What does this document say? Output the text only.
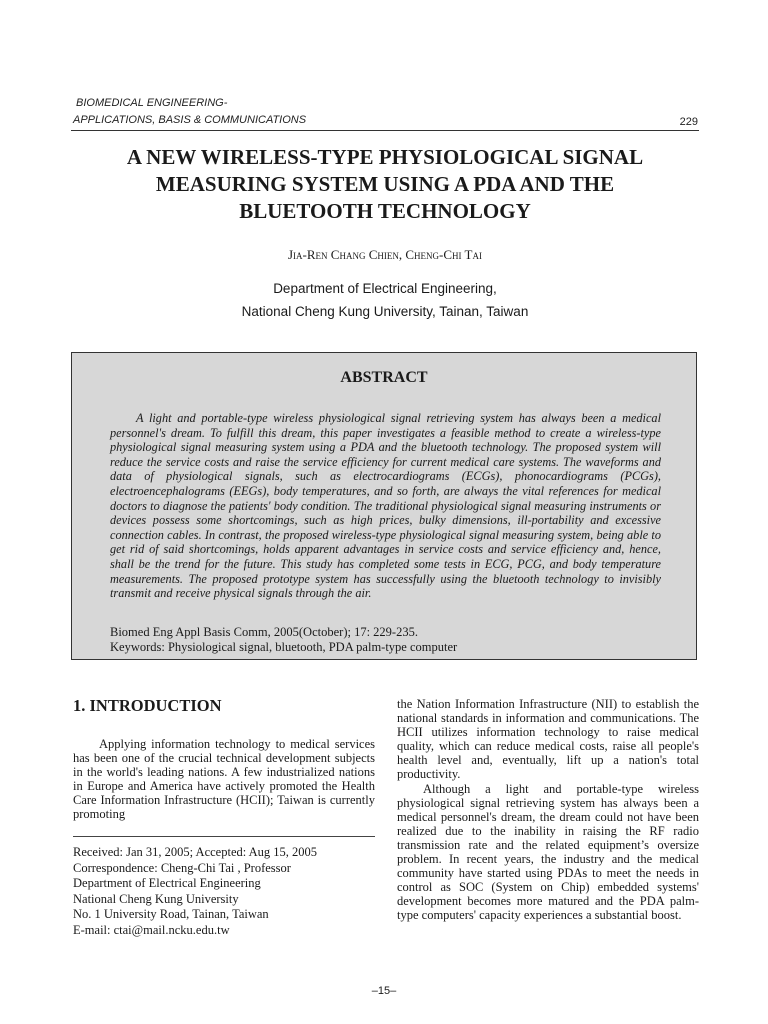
BIOMEDICAL ENGINEERING-
APPLICATIONS, BASIS & COMMUNICATIONS	229
A NEW WIRELESS-TYPE PHYSIOLOGICAL SIGNAL
MEASURING SYSTEM USING A PDA AND THE
BLUETOOTH TECHNOLOGY
Jia-Ren Chang Chien, Cheng-Chi Tai
Department of Electrical Engineering,
National Cheng Kung University, Tainan, Taiwan
ABSTRACT

A light and portable-type wireless physiological signal retrieving system has always been a medical personnel's dream. To fulfill this dream, this paper investigates a feasible method to create a wireless-type physiological signal measuring system using a PDA and the bluetooth technology. The proposed system will reduce the service costs and raise the service efficiency for current medical care systems. The waveforms and data of physiological signals, such as electrocardiograms (ECGs), phonocardiograms (PCGs), electroencephalograms (EEGs), body temperatures, and so forth, are always the vital references for medical doctors to diagnose the patients' body condition. The traditional physiological signal measuring instruments or devices possess some shortcomings, such as high prices, bulky dimensions, ill-portability and excessive connection cables. In contrast, the proposed wireless-type physiological signal measuring system, being able to get rid of said shortcomings, holds apparent advantages in service costs and service efficiency and, hence, shall be the trend for the future. This study has completed some tests in ECG, PCG, and body temperature measurements. The proposed prototype system has successfully using the bluetooth technology to invisibly transmit and receive physical signals through the air.

Biomed Eng Appl Basis Comm, 2005(October); 17: 229-235.
Keywords: Physiological signal, bluetooth, PDA palm-type computer
1. INTRODUCTION

Applying information technology to medical services has been one of the crucial technical development subjects in the world's leading nations. A few industrialized nations in Europe and America have actively promoted the Health Care Information Infrastructure (HCII); Taiwan is currently promoting

Received: Jan 31, 2005; Accepted: Aug 15, 2005
Correspondence: Cheng-Chi Tai , Professor
Department of Electrical Engineering
National Cheng Kung University
No. 1 University Road, Tainan, Taiwan
E-mail: ctai@mail.ncku.edu.tw

the Nation Information Infrastructure (NII) to establish the national standards in information and communications. The HCII utilizes information technology to raise medical quality, which can reduce medical costs, raise all people's health level and, eventually, lift up a nation's total productivity.

Although a light and portable-type wireless physiological signal retrieving system has always been a medical personnel's dream, the dream could not have been realized due to the inability in raising the RF radio transmission rate and the related equipment’s oversize problem. In recent years, the industry and the medical community have started using PDAs to meet the needs in control as SOC (System on Chip) embedded systems' development becomes more matured and the PDA palm-type computers' capacity experiences a substantial boost.

–15–
